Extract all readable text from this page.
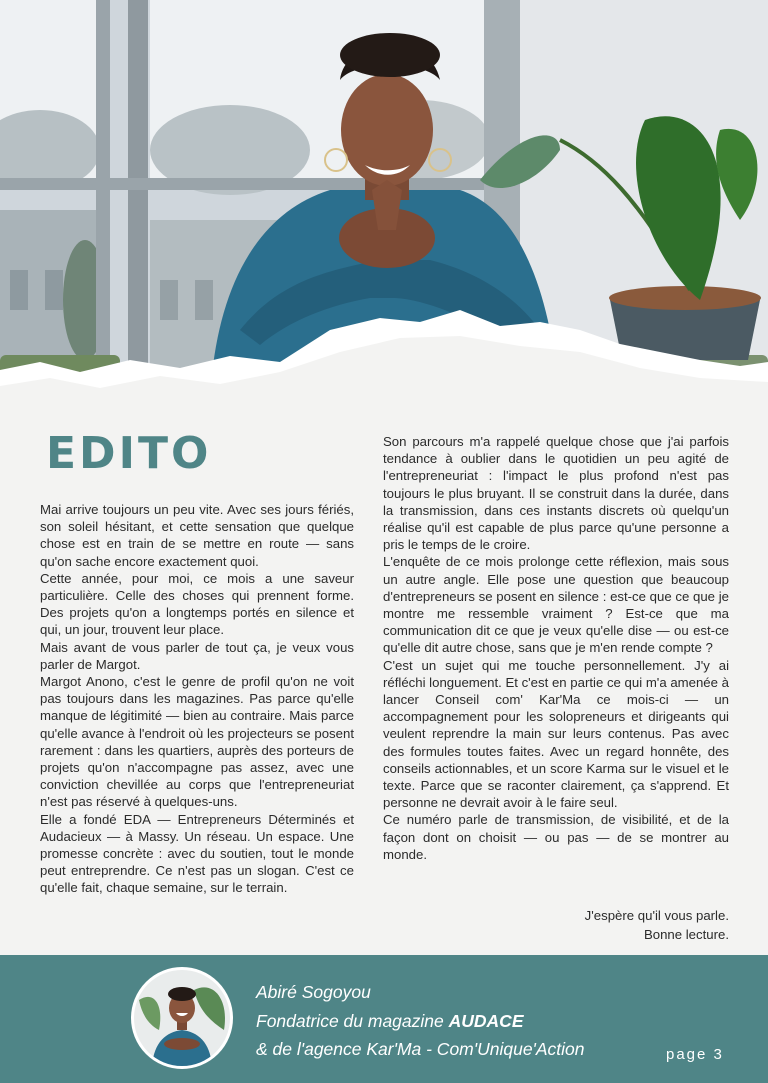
EDITO

Mai arrive toujours un peu vite. Avec ses jours fériés, son soleil hésitant, et cette sensation que quelque chose est en train de se mettre en route — sans qu'on sache encore exactement quoi.

Cette année, pour moi, ce mois a une saveur particulière. Celle des choses qui prennent forme. Des projets qu'on a longtemps portés en silence et qui, un jour, trouvent leur place.

Mais avant de vous parler de tout ça, je veux vous parler de Margot.

Margot Anono, c'est le genre de profil qu'on ne voit pas toujours dans les magazines. Pas parce qu'elle manque de légitimité — bien au contraire. Mais parce qu'elle avance à l'endroit où les projecteurs se posent rarement : dans les quartiers, auprès des porteurs de projets qu'on n'accompagne pas assez, avec une conviction chevillée au corps que l'entrepreneuriat n'est pas réservé à quelques-uns.

Elle a fondé EDA — Entrepreneurs Déterminés et Audacieux — à Massy. Un réseau. Un espace. Une promesse concrète : avec du soutien, tout le monde peut entreprendre. Ce n'est pas un slogan. C'est ce qu'elle fait, chaque semaine, sur le terrain.

Son parcours m'a rappelé quelque chose que j'ai parfois tendance à oublier dans le quotidien un peu agité de l'entrepreneuriat : l'impact le plus profond n'est pas toujours le plus bruyant. Il se construit dans la durée, dans la transmission, dans ces instants discrets où quelqu'un réalise qu'il est capable de plus parce qu'une personne a pris le temps de le croire.

L'enquête de ce mois prolonge cette réflexion, mais sous un autre angle. Elle pose une question que beaucoup d'entrepreneurs se posent en silence : est-ce que ce que je montre me ressemble vraiment ? Est-ce que ma communication dit ce que je veux qu'elle dise — ou est-ce qu'elle dit autre chose, sans que je m'en rende compte ?

C'est un sujet qui me touche personnellement. J'y ai réfléchi longuement. Et c'est en partie ce qui m'a amenée à lancer Conseil com' Kar'Ma ce mois-ci — un accompagnement pour les solopreneurs et dirigeants qui veulent reprendre la main sur leurs contenus. Pas avec des formules toutes faites. Avec un regard honnête, des conseils actionnables, et un score Karma sur le visuel et le texte. Parce que se raconter clairement, ça s'apprend. Et personne ne devrait avoir à le faire seul.

Ce numéro parle de transmission, de visibilité, et de la façon dont on choisit — ou pas — de se montrer au monde.

J'espère qu'il vous parle.

Bonne lecture.

Abiré Sogoyou

Fondatrice du magazine AUDACE

& de l'agence Kar'Ma - Com'Unique'Action	page 3
